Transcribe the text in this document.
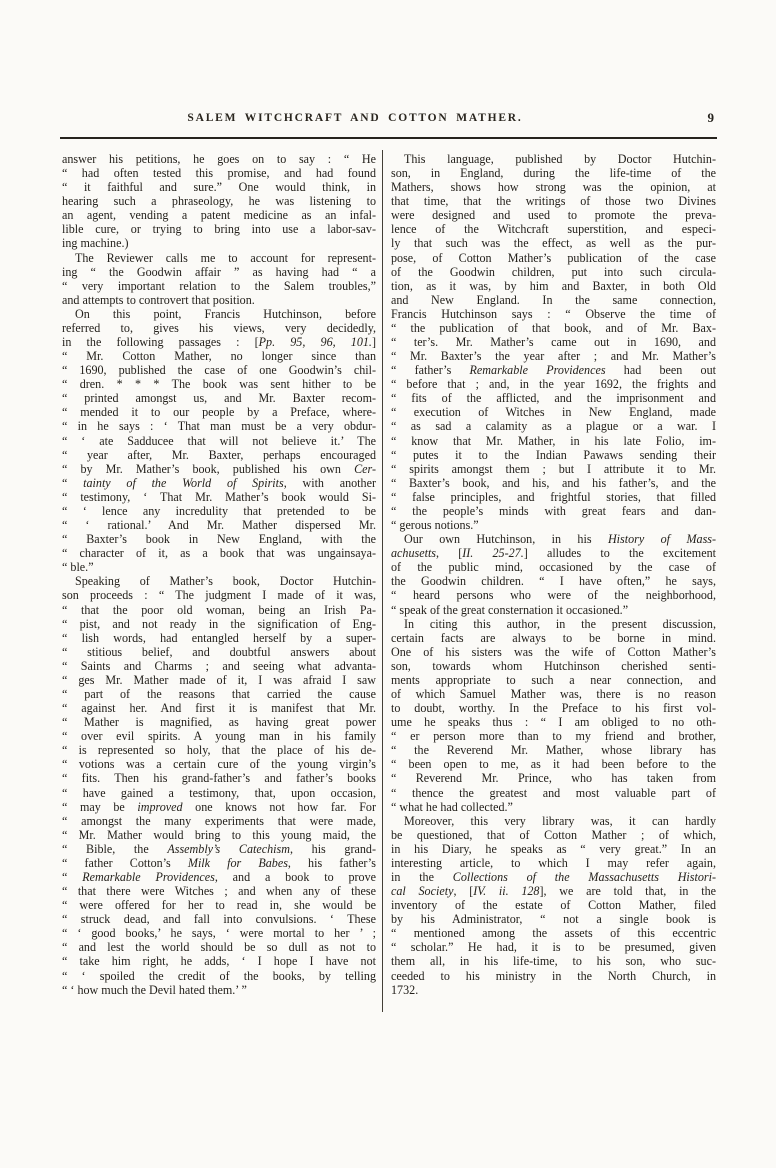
SALEM WITCHCRAFT AND COTTON MATHER.	9
answer his petitions, he goes on to say : “ He
“ had often tested this promise, and had found
“ it faithful and sure.” One would think, in
hearing such a phraseology, he was listening to
an agent, vending a patent medicine as an infal-
lible cure, or trying to bring into use a labor-sav-
ing machine.)
The Reviewer calls me to account for represent-
ing “ the Goodwin affair ” as having had “ a
“ very important relation to the Salem troubles,”
and attempts to controvert that position.
On this point, Francis Hutchinson, before
referred to, gives his views, very decidedly,
in the following passages : [Pp. 95, 96, 101.]
“ Mr. Cotton Mather, no longer since than
“ 1690, published the case of one Goodwin’s chil-
“ dren. * * * The book was sent hither to be
“ printed amongst us, and Mr. Baxter recom-
“ mended it to our people by a Preface, where-
“ in he says : ‘ That man must be a very obdur-
“ ‘ ate Sadducee that will not believe it.’ The
“ year after, Mr. Baxter, perhaps encouraged
“ by Mr. Mather’s book, published his own Cer-
“ tainty of the World of Spirits, with another
“ testimony, ‘ That Mr. Mather’s book would Si-
“ ‘ lence any incredulity that pretended to be
“ ‘ rational.’ And Mr. Mather dispersed Mr.
“ Baxter’s book in New England, with the
“ character of it, as a book that was ungainsaya-
“ ble.”
Speaking of Mather’s book, Doctor Hutchin-
son proceeds : “ The judgment I made of it was,
“ that the poor old woman, being an Irish Pa-
“ pist, and not ready in the signification of Eng-
“ lish words, had entangled herself by a super-
“ stitious belief, and doubtful answers about
“ Saints and Charms ; and seeing what advanta-
“ ges Mr. Mather made of it, I was afraid I saw
“ part of the reasons that carried the cause
“ against her. And first it is manifest that Mr.
“ Mather is magnified, as having great power
“ over evil spirits. A young man in his family
“ is represented so holy, that the place of his de-
“ votions was a certain cure of the young virgin’s
“ fits. Then his grand-father’s and father’s books
“ have gained a testimony, that, upon occasion,
“ may be improved one knows not how far. For
“ amongst the many experiments that were made,
“ Mr. Mather would bring to this young maid, the
“ Bible, the Assembly’s Catechism, his grand-
“ father Cotton’s Milk for Babes, his father’s
“ Remarkable Providences, and a book to prove
“ that there were Witches ; and when any of these
“ were offered for her to read in, she would be
“ struck dead, and fall into convulsions. ‘ These
“ ‘ good books,’ he says, ‘ were mortal to her ’ ;
“ and lest the world should be so dull as not to
“ take him right, he adds, ‘ I hope I have not
“ ‘ spoiled the credit of the books, by telling
“ ‘ how much the Devil hated them.’ ”
This language, published by Doctor Hutchin-
son, in England, during the life-time of the
Mathers, shows how strong was the opinion, at
that time, that the writings of those two Divines
were designed and used to promote the preva-
lence of the Witchcraft superstition, and especi-
ly that such was the effect, as well as the pur-
pose, of Cotton Mather’s publication of the case
of the Goodwin children, put into such circula-
tion, as it was, by him and Baxter, in both Old
and New England. In the same connection,
Francis Hutchinson says : “ Observe the time of
“ the publication of that book, and of Mr. Bax-
“ ter’s. Mr. Mather’s came out in 1690, and
“ Mr. Baxter’s the year after ; and Mr. Mather’s
“ father’s Remarkable Providences had been out
“ before that ; and, in the year 1692, the frights and
“ fits of the afflicted, and the imprisonment and
“ execution of Witches in New England, made
“ as sad a calamity as a plague or a war. I
“ know that Mr. Mather, in his late Folio, im-
“ putes it to the Indian Pawaws sending their
“ spirits amongst them ; but I attribute it to Mr.
“ Baxter’s book, and his, and his father’s, and the
“ false principles, and frightful stories, that filled
“ the people’s minds with great fears and dan-
“ gerous notions.”
Our own Hutchinson, in his History of Mass-
achusetts, [II. 25-27.] alludes to the excitement
of the public mind, occasioned by the case of
the Goodwin children. “ I have often,” he says,
“ heard persons who were of the neighborhood,
“ speak of the great consternation it occasioned.”
In citing this author, in the present discussion,
certain facts are always to be borne in mind.
One of his sisters was the wife of Cotton Mather’s
son, towards whom Hutchinson cherished senti-
ments appropriate to such a near connection, and
of which Samuel Mather was, there is no reason
to doubt, worthy. In the Preface to his first vol-
ume he speaks thus : “ I am obliged to no oth-
“ er person more than to my friend and brother,
“ the Reverend Mr. Mather, whose library has
“ been open to me, as it had been before to the
“ Reverend Mr. Prince, who has taken from
“ thence the greatest and most valuable part of
“ what he had collected.”
Moreover, this very library was, it can hardly
be questioned, that of Cotton Mather ; of which,
in his Diary, he speaks as “ very great.” In an
interesting article, to which I may refer again,
in the Collections of the Massachusetts Histori-
cal Society, [IV. ii. 128], we are told that, in the
inventory of the estate of Cotton Mather, filed
by his Administrator, “ not a single book is
“ mentioned among the assets of this eccentric
“ scholar.” He had, it is to be presumed, given
them all, in his life-time, to his son, who suc-
ceeded to his ministry in the North Church, in
1732.
